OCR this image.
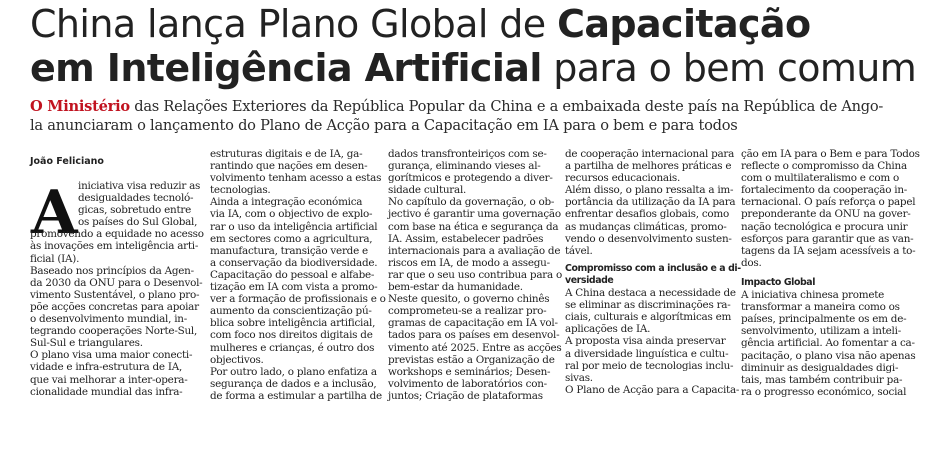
China lança Plano Global de Capacitação
em Inteligência Artificial para o bem comum
O Ministério das Relações Exteriores da República Popular da China e a embaixada deste país na República de Ango-
la anunciaram o lançamento do Plano de Acção para a Capacitação em IA para o bem e para todos
João Feliciano
A iniciativa visa reduzir as
desigualdades tecnoló-
gicas, sobretudo entre
os países do Sul Global,
promovendo a equidade no acesso
às inovações em inteligência arti-
ficial (IA).
Baseado nos princípios da Agen-
da 2030 da ONU para o Desenvol-
vimento Sustentável, o plano pro-
põe acções concretas para apoiar
o desenvolvimento mundial, in-
tegrando cooperações Norte-Sul,
Sul-Sul e triangulares.
O plano visa uma maior conecti-
vidade e infra-estrutura de IA,
que vai melhorar a inter-opera-
cionalidade mundial das infra-
estruturas digitais e de IA, ga-
rantindo que nações em desen-
volvimento tenham acesso a estas
tecnologias.
Ainda a integração económica
via IA, com o objectivo de explo-
rar o uso da inteligência artificial
em sectores como a agricultura,
manufactura, transição verde e
a conservação da biodiversidade.
Capacitação do pessoal e alfabe-
tização em IA com vista a promo-
ver a formação de profissionais e o
aumento da conscientização pú-
blica sobre inteligência artificial,
com foco nos direitos digitais de
mulheres e crianças, é outro dos
objectivos.
Por outro lado, o plano enfatiza a
segurança de dados e a inclusão,
de forma a estimular a partilha de
dados transfronteiriços com se-
gurança, eliminando vieses al-
gorítmicos e protegendo a diver-
sidade cultural.
No capítulo da governação, o ob-
jectivo é garantir uma governação
com base na ética e segurança da
IA. Assim, estabelecer padrões
internacionais para a avaliação de
riscos em IA, de modo a assegu-
rar que o seu uso contribua para o
bem-estar da humanidade.
Neste quesito, o governo chinês
comprometeu-se a realizar pro-
gramas de capacitação em IA vol-
tados para os países em desenvol-
vimento até 2025. Entre as acções
previstas estão a Organização de
workshops e seminários; Desen-
volvimento de laboratórios con-
juntos; Criação de plataformas
de cooperação internacional para
a partilha de melhores práticas e
recursos educacionais.
Além disso, o plano ressalta a im-
portância da utilização da IA para
enfrentar desafios globais, como
as mudanças climáticas, promo-
vendo o desenvolvimento susten-
tável.
Compromisso com a inclusão e a di-
versidade
A China destaca a necessidade de
se eliminar as discriminações ra-
ciais, culturais e algorítmicas em
aplicações de IA.
A proposta visa ainda preservar
a diversidade linguística e cultu-
ral por meio de tecnologias inclu-
sivas.
O Plano de Acção para a Capacita-
ção em IA para o Bem e para Todos
reflecte o compromisso da China
com o multilateralismo e com o
fortalecimento da cooperação in-
ternacional. O país reforça o papel
preponderante da ONU na gover-
nação tecnológica e procura unir
esforços para garantir que as van-
tagens da IA sejam acessíveis a to-
dos.
Impacto Global
A iniciativa chinesa promete
transformar a maneira como os
países, principalmente os em de-
senvolvimento, utilizam a inteli-
gência artificial. Ao fomentar a ca-
pacitação, o plano visa não apenas
diminuir as desigualdades digi-
tais, mas também contribuir pa-
ra o progresso económico, social
